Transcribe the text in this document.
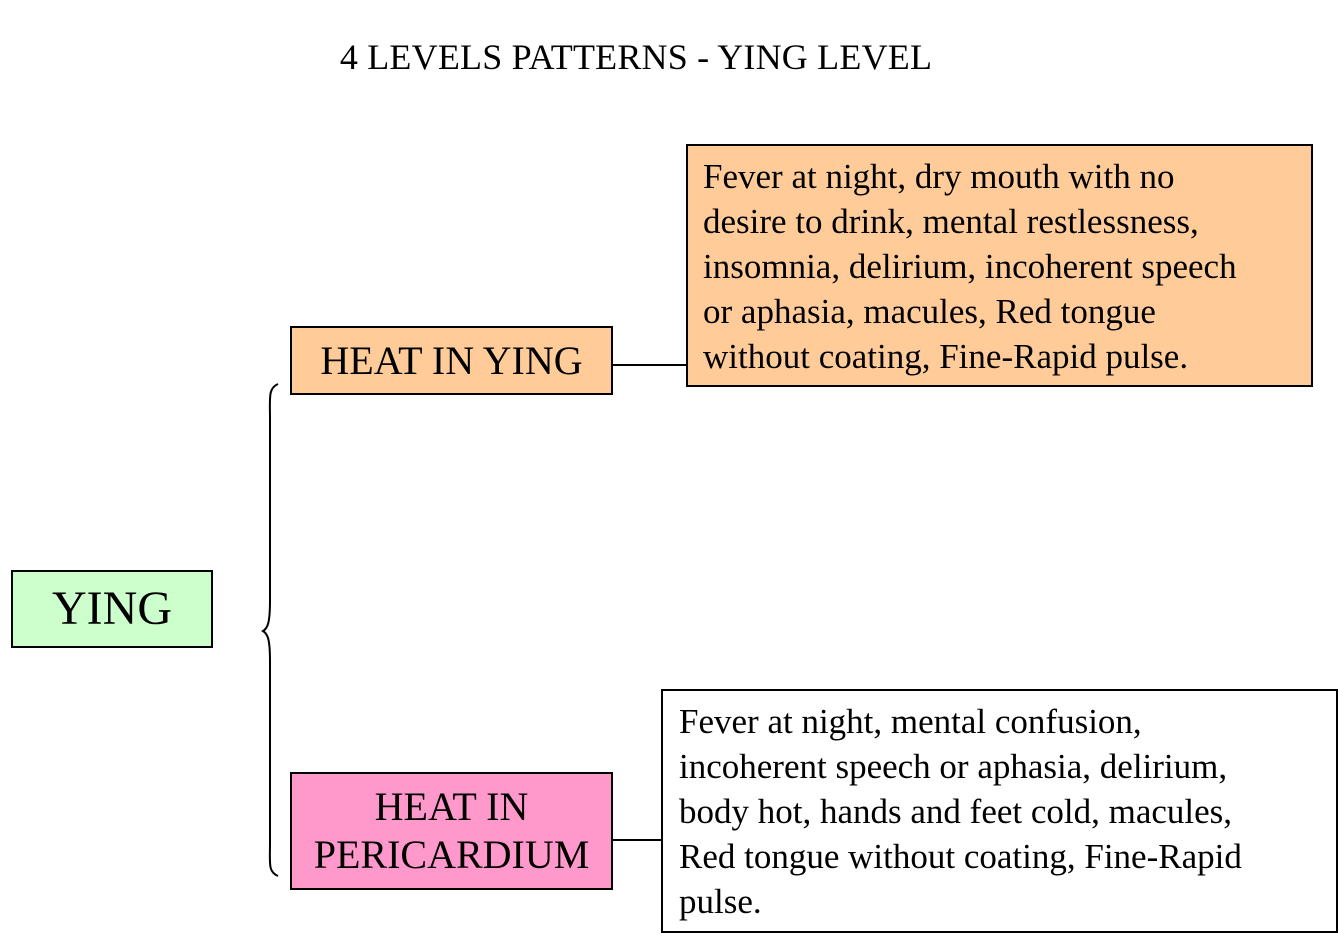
4 LEVELS PATTERNS - YING LEVEL
YING
HEAT IN YING
Fever at night, dry mouth with no
desire to drink, mental restlessness,
insomnia, delirium, incoherent speech
or aphasia, macules, Red tongue
without coating, Fine-Rapid pulse.
HEAT IN
PERICARDIUM
Fever at night, mental confusion,
incoherent speech or aphasia, delirium,
body hot, hands and feet cold, macules,
Red tongue without coating, Fine-Rapid
pulse.
